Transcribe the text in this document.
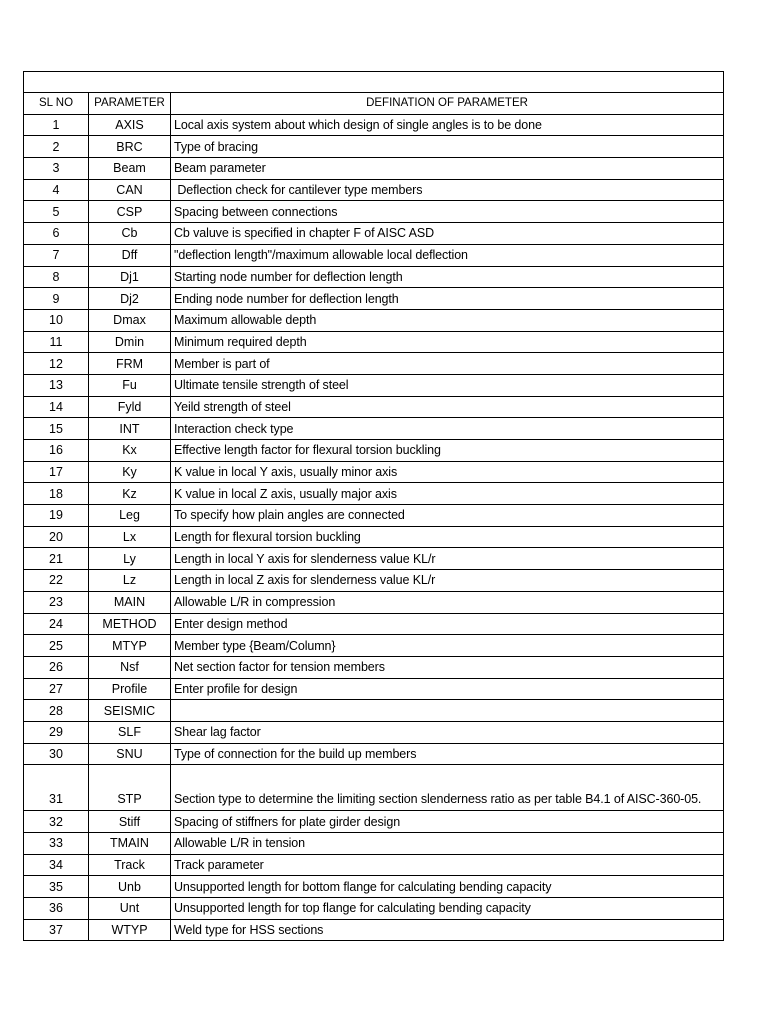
SL NO	PARAMETER	DEFINATION OF PARAMETER
1	AXIS	Local axis system about which design of single angles is to be done
2	BRC	Type of bracing
3	Beam	Beam parameter
4	CAN	Deflection check for cantilever type members
5	CSP	Spacing between connections
6	Cb	Cb valuve is specified in chapter F of AISC ASD
7	Dff	"deflection length"/maximum allowable local deflection
8	Dj1	Starting node number for deflection length
9	Dj2	Ending node number for deflection length
10	Dmax	Maximum allowable depth
11	Dmin	Minimum required depth
12	FRM	Member is part of
13	Fu	Ultimate tensile strength of steel
14	Fyld	Yeild strength of steel
15	INT	Interaction check type
16	Kx	Effective length factor for flexural torsion buckling
17	Ky	K value in local Y axis, usually minor axis
18	Kz	K value in local Z axis, usually major axis
19	Leg	To specify how plain angles are connected
20	Lx	Length for flexural torsion buckling
21	Ly	Length in local Y axis for slenderness value KL/r
22	Lz	Length in local Z axis for slenderness value KL/r
23	MAIN	Allowable L/R in compression
24	METHOD	Enter design method
25	MTYP	Member type {Beam/Column}
26	Nsf	Net section factor for tension members
27	Profile	Enter profile for design
28	SEISMIC	
29	SLF	Shear lag factor
30	SNU	Type of connection for the build up members
31	STP	Section type to determine the limiting section slenderness ratio as per table B4.1 of AISC-360-05.
32	Stiff	Spacing of stiffners for plate girder design
33	TMAIN	Allowable L/R in tension
34	Track	Track parameter
35	Unb	Unsupported length for bottom flange for calculating bending capacity
36	Unt	Unsupported length for top flange for calculating bending capacity
37	WTYP	Weld type for HSS sections
